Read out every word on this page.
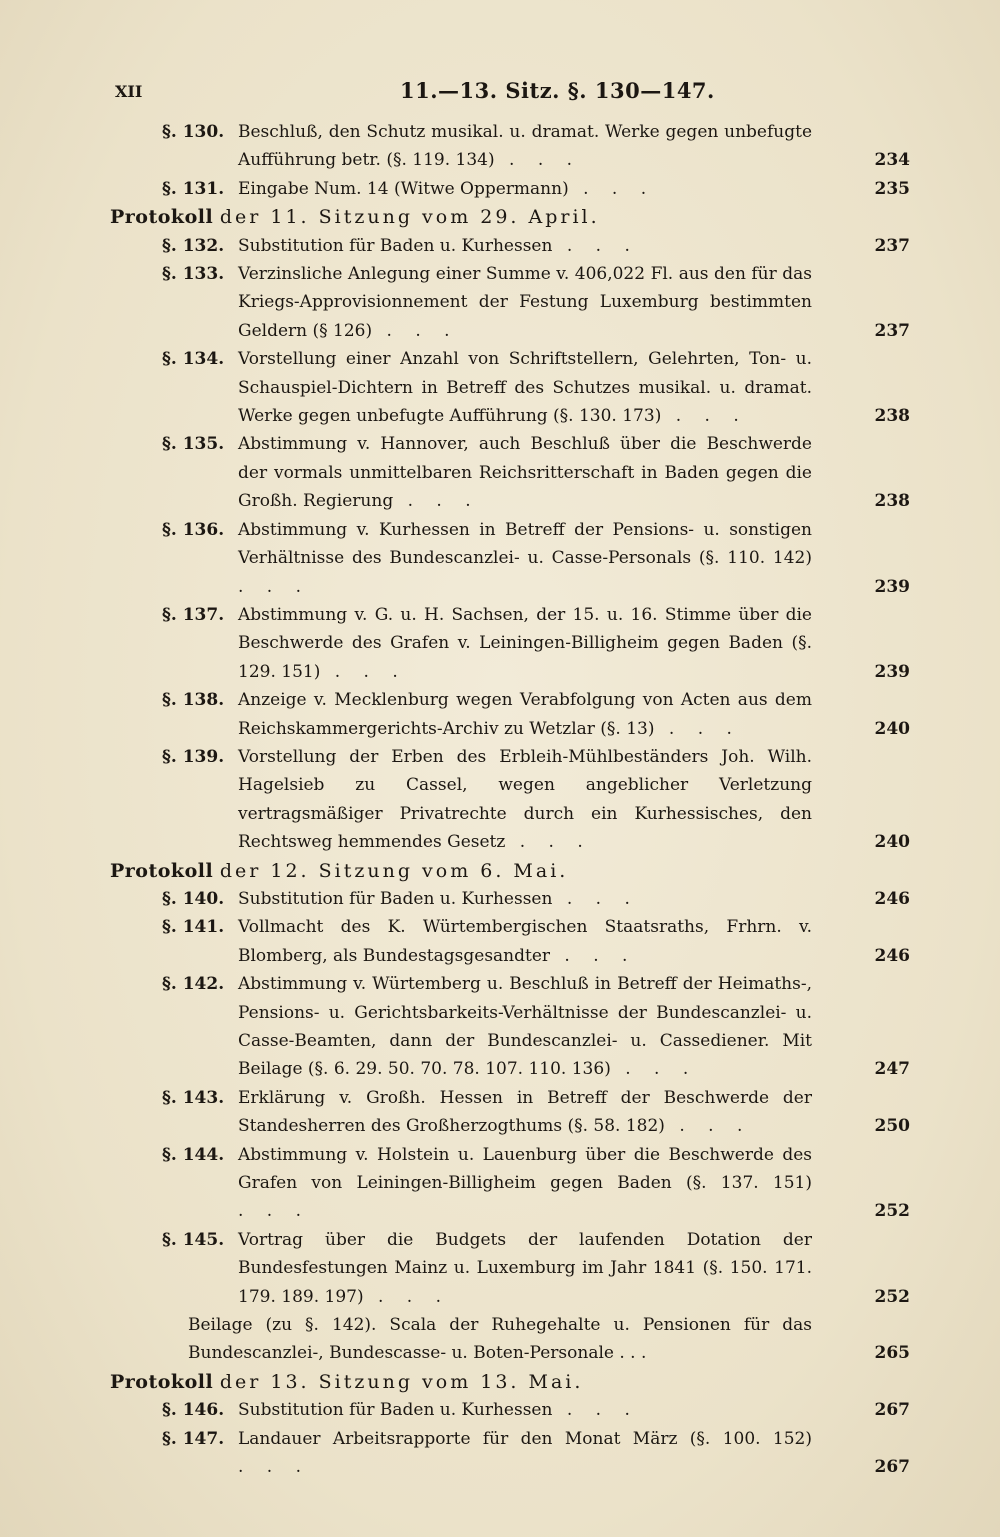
XII	11.—13. Sitz. §. 130—147.
§. 130. Beschluß, den Schutz musikal. u. dramat. Werke gegen unbefugte Aufführung betr. (§. 119. 134) . . .	234
§. 131. Eingabe Num. 14 (Witwe Oppermann) . . .	235
Protokoll der 11. Sitzung vom 29. April.
§. 132. Substitution für Baden u. Kurhessen . . .	237
§. 133. Verzinsliche Anlegung einer Summe v. 406,022 Fl. aus den für das Kriegs-Approvisionnement der Festung Luxemburg bestimmten Geldern (§ 126) . . .	237
§. 134. Vorstellung einer Anzahl von Schriftstellern, Gelehrten, Ton- u. Schauspiel-Dichtern in Betreff des Schutzes musikal. u. dramat. Werke gegen unbefugte Aufführung (§. 130. 173) . . .	238
§. 135. Abstimmung v. Hannover, auch Beschluß über die Beschwerde der vormals unmittelbaren Reichsritterschaft in Baden gegen die Großh. Regierung . . .	238
§. 136. Abstimmung v. Kurhessen in Betreff der Pensions- u. sonstigen Verhältnisse des Bundescanzlei- u. Casse-Personals (§. 110. 142) . . .	239
§. 137. Abstimmung v. G. u. H. Sachsen, der 15. u. 16. Stimme über die Beschwerde des Grafen v. Leiningen-Billigheim gegen Baden (§. 129. 151) . . .	239
§. 138. Anzeige v. Mecklenburg wegen Verabfolgung von Acten aus dem Reichskammergerichts-Archiv zu Wetzlar (§. 13) . . .	240
§. 139. Vorstellung der Erben des Erbleih-Mühlbeständers Joh. Wilh. Hagelsieb zu Cassel, wegen angeblicher Verletzung vertragsmäßiger Privatrechte durch ein Kurhessisches, den Rechtsweg hemmendes Gesetz . . .	240
Protokoll der 12. Sitzung vom 6. Mai.
§. 140. Substitution für Baden u. Kurhessen . . .	246
§. 141. Vollmacht des K. Würtembergischen Staatsraths, Frhrn. v. Blomberg, als Bundestagsgesandter . . .	246
§. 142. Abstimmung v. Würtemberg u. Beschluß in Betreff der Heimaths-, Pensions- u. Gerichtsbarkeits-Verhältnisse der Bundescanzlei- u. Casse-Beamten, dann der Bundescanzlei- u. Cassediener. Mit Beilage (§. 6. 29. 50. 70. 78. 107. 110. 136) . . .	247
§. 143. Erklärung v. Großh. Hessen in Betreff der Beschwerde der Standesherren des Großherzogthums (§. 58. 182) . . .	250
§. 144. Abstimmung v. Holstein u. Lauenburg über die Beschwerde des Grafen von Leiningen-Billigheim gegen Baden (§. 137. 151) . . .	252
§. 145. Vortrag über die Budgets der laufenden Dotation der Bundesfestungen Mainz u. Luxemburg im Jahr 1841 (§. 150. 171. 179. 189. 197) . . .	252
Beilage (zu §. 142). Scala der Ruhegehalte u. Pensionen für das Bundescanzlei-, Bundescasse- u. Boten-Personale . . .	265
Protokoll der 13. Sitzung vom 13. Mai.
§. 146. Substitution für Baden u. Kurhessen . . .	267
§. 147. Landauer Arbeitsrapporte für den Monat März (§. 100. 152) . . .	267
